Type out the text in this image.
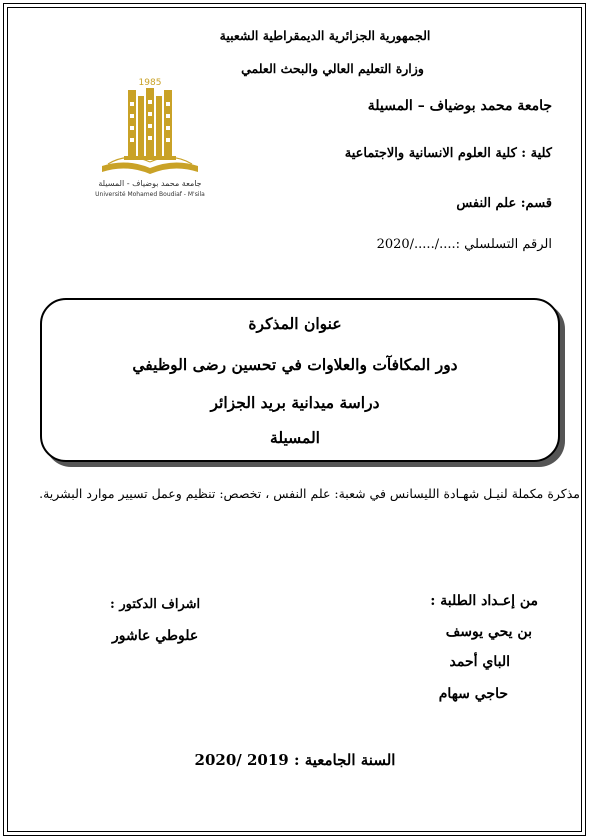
الجمهورية الجزائرية الديمقراطية الشعبية
وزارة التعليم العالي والبحث العلمي
1985
جامعة محمد بوضياف - المسيلة
Université Mohamed Boudiaf - M'sila
جامعة محمد بوضياف – المسيلة
كلية : كلية العلوم الانسانية والاجتماعية
قسم: علم النفس
الرقم التسلسلي :..../...../2020
عنوان المذكرة
دور المكافآت والعلاوات في تحسين رضى الوظيفي
دراسة ميدانية بريد الجزائر
المسيلة
مذكرة مكملة لنيـل شهـادة الليسانس في شعبة: علم النفس ، تخصص: تنظيم وعمل تسيير موارد البشرية.
من إعـداد الطلبة :
بن يحي يوسف
الباي أحمد
حاجي سهام
اشراف الدكتور :
علوطي عاشور
السنة الجامعية : 2019 /2020
